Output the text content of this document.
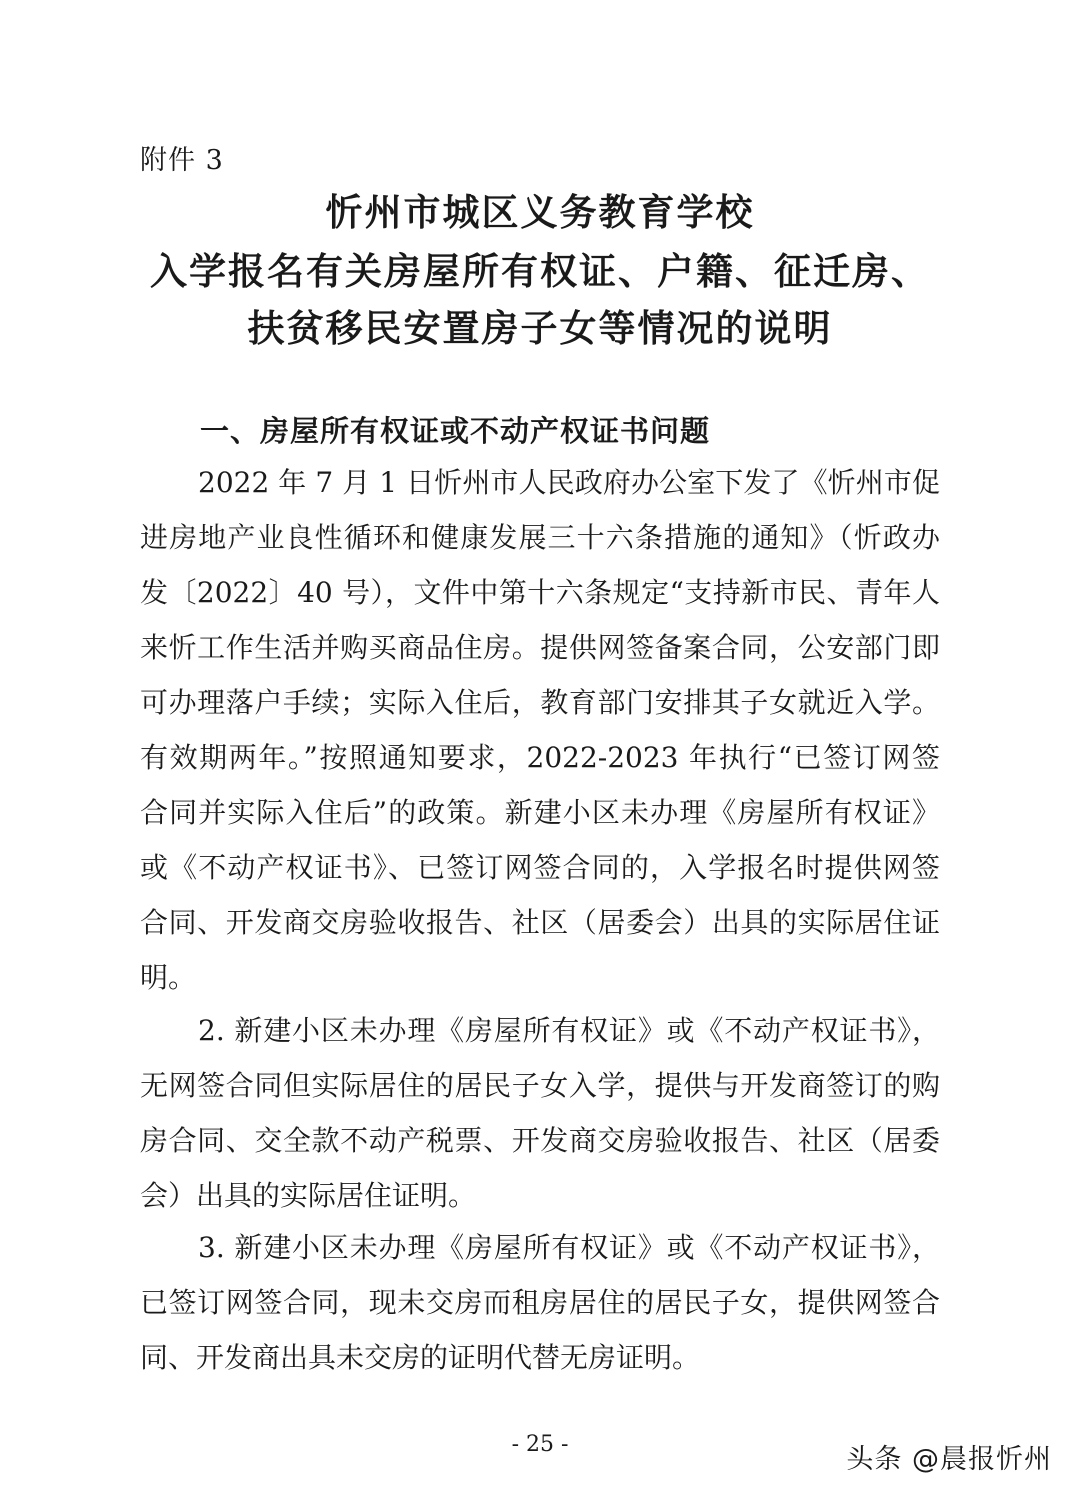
附件 3
忻州市城区义务教育学校
入学报名有关房屋所有权证、户籍、征迁房、
扶贫移民安置房子女等情况的说明
一、房屋所有权证或不动产权证书问题
2022 年 7 月 1 日忻州市人民政府办公室下发了《忻州市促
进房地产业良性循环和健康发展三十六条措施的通知》（忻政办
发〔2022〕40 号），文件中第十六条规定“支持新市民、青年人
来忻工作生活并购买商品住房。提供网签备案合同，公安部门即
可办理落户手续；实际入住后，教育部门安排其子女就近入学。
有效期两年。”按照通知要求，2022-2023 年执行“已签订网签
合同并实际入住后”的政策。新建小区未办理《房屋所有权证》
或《不动产权证书》、已签订网签合同的，入学报名时提供网签
合同、开发商交房验收报告、社区（居委会）出具的实际居住证
明。
2. 新建小区未办理《房屋所有权证》或《不动产权证书》，
无网签合同但实际居住的居民子女入学，提供与开发商签订的购
房合同、交全款不动产税票、开发商交房验收报告、社区（居委
会）出具的实际居住证明。
3. 新建小区未办理《房屋所有权证》或《不动产权证书》，
已签订网签合同，现未交房而租房居住的居民子女，提供网签合
同、开发商出具未交房的证明代替无房证明。
- 25 -	头条 @晨报忻州
